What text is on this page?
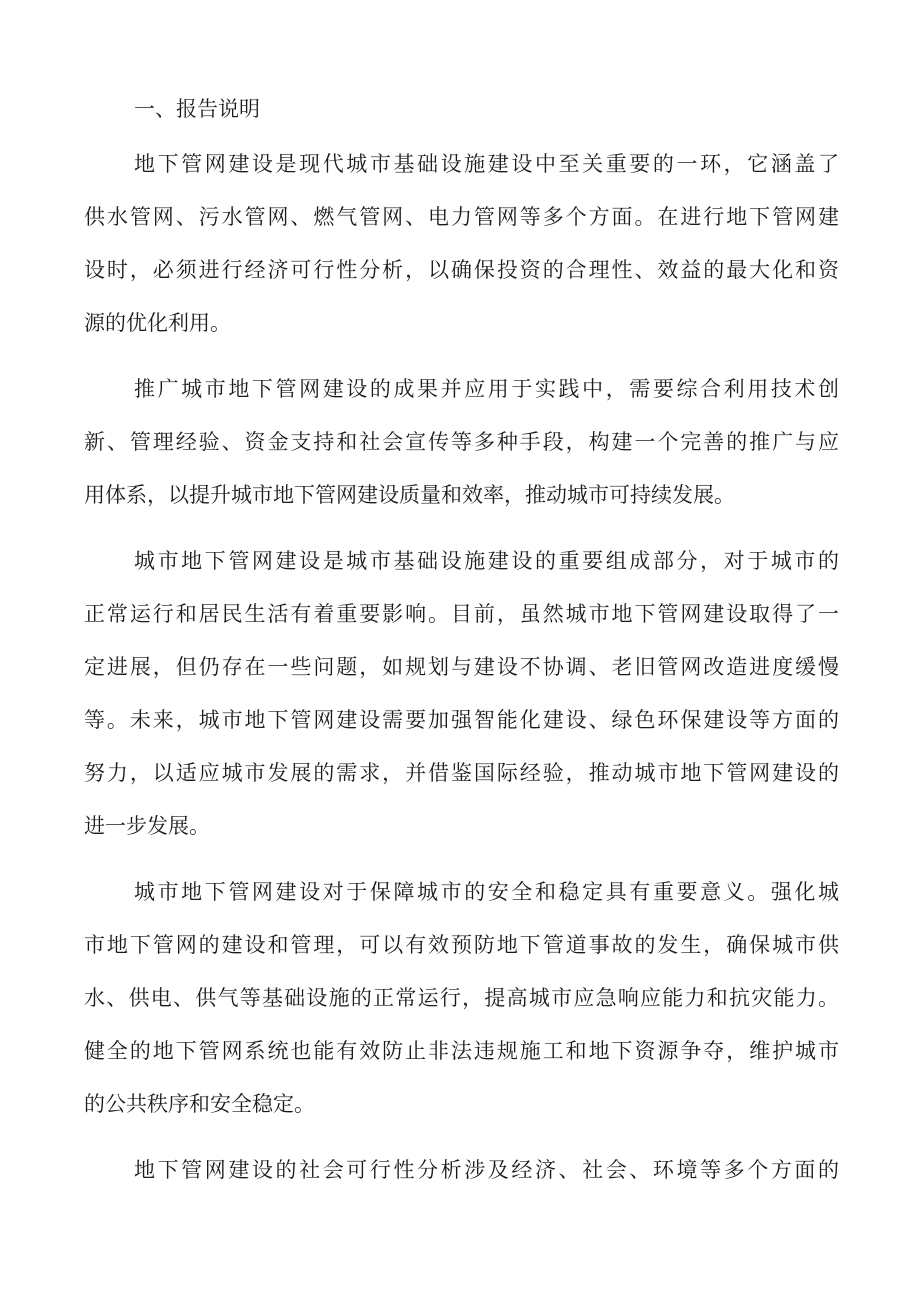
一、报告说明
地下管网建设是现代城市基础设施建设中至关重要的一环，它涵盖了
供水管网、污水管网、燃气管网、电力管网等多个方面。在进行地下管网建
设时，必须进行经济可行性分析，以确保投资的合理性、效益的最大化和资
源的优化利用。
推广城市地下管网建设的成果并应用于实践中，需要综合利用技术创
新、管理经验、资金支持和社会宣传等多种手段，构建一个完善的推广与应
用体系，以提升城市地下管网建设质量和效率，推动城市可持续发展。
城市地下管网建设是城市基础设施建设的重要组成部分，对于城市的
正常运行和居民生活有着重要影响。目前，虽然城市地下管网建设取得了一
定进展，但仍存在一些问题，如规划与建设不协调、老旧管网改造进度缓慢
等。未来，城市地下管网建设需要加强智能化建设、绿色环保建设等方面的
努力，以适应城市发展的需求，并借鉴国际经验，推动城市地下管网建设的
进一步发展。
城市地下管网建设对于保障城市的安全和稳定具有重要意义。强化城
市地下管网的建设和管理，可以有效预防地下管道事故的发生，确保城市供
水、供电、供气等基础设施的正常运行，提高城市应急响应能力和抗灾能力。
健全的地下管网系统也能有效防止非法违规施工和地下资源争夺，维护城市
的公共秩序和安全稳定。
地下管网建设的社会可行性分析涉及经济、社会、环境等多个方面的
